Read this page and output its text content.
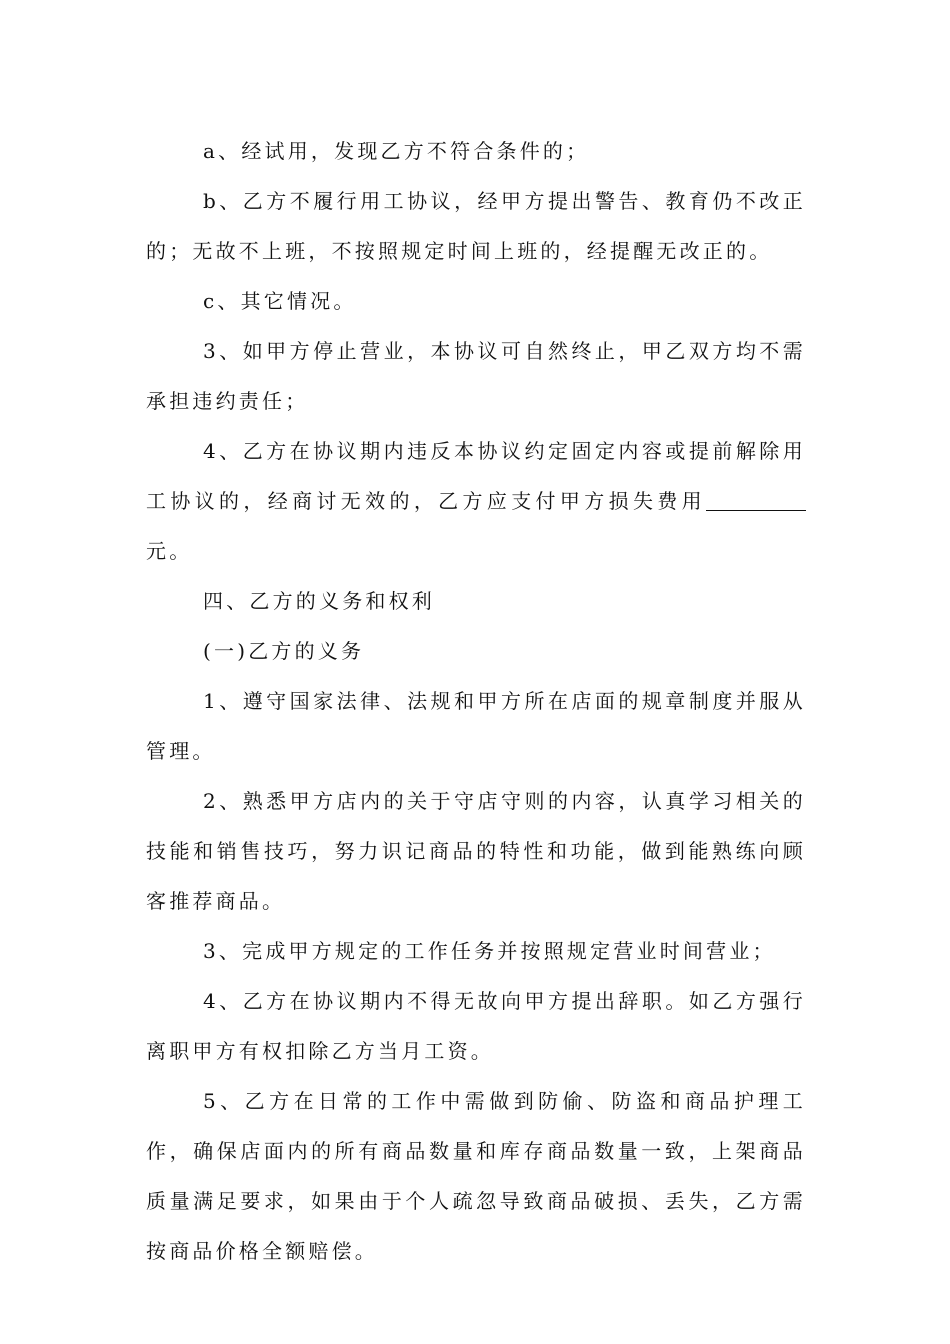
a、经试用，发现乙方不符合条件的；

b、乙方不履行用工协议，经甲方提出警告、教育仍不改正的；无故不上班，不按照规定时间上班的，经提醒无改正的。

c、其它情况。

3、如甲方停止营业，本协议可自然终止，甲乙双方均不需承担违约责任；

4、乙方在协议期内违反本协议约定固定内容或提前解除用工协议的，经商讨无效的，乙方应支付甲方损失费用元。

四、乙方的义务和权利

(一)乙方的义务

1、遵守国家法律、法规和甲方所在店面的规章制度并服从管理。

2、熟悉甲方店内的关于守店守则的内容，认真学习相关的技能和销售技巧，努力识记商品的特性和功能，做到能熟练向顾客推荐商品。

3、完成甲方规定的工作任务并按照规定营业时间营业；

4、乙方在协议期内不得无故向甲方提出辞职。如乙方强行离职甲方有权扣除乙方当月工资。

5、乙方在日常的工作中需做到防偷、防盗和商品护理工作，确保店面内的所有商品数量和库存商品数量一致，上架商品质量满足要求，如果由于个人疏忽导致商品破损、丢失，乙方需按商品价格全额赔偿。
